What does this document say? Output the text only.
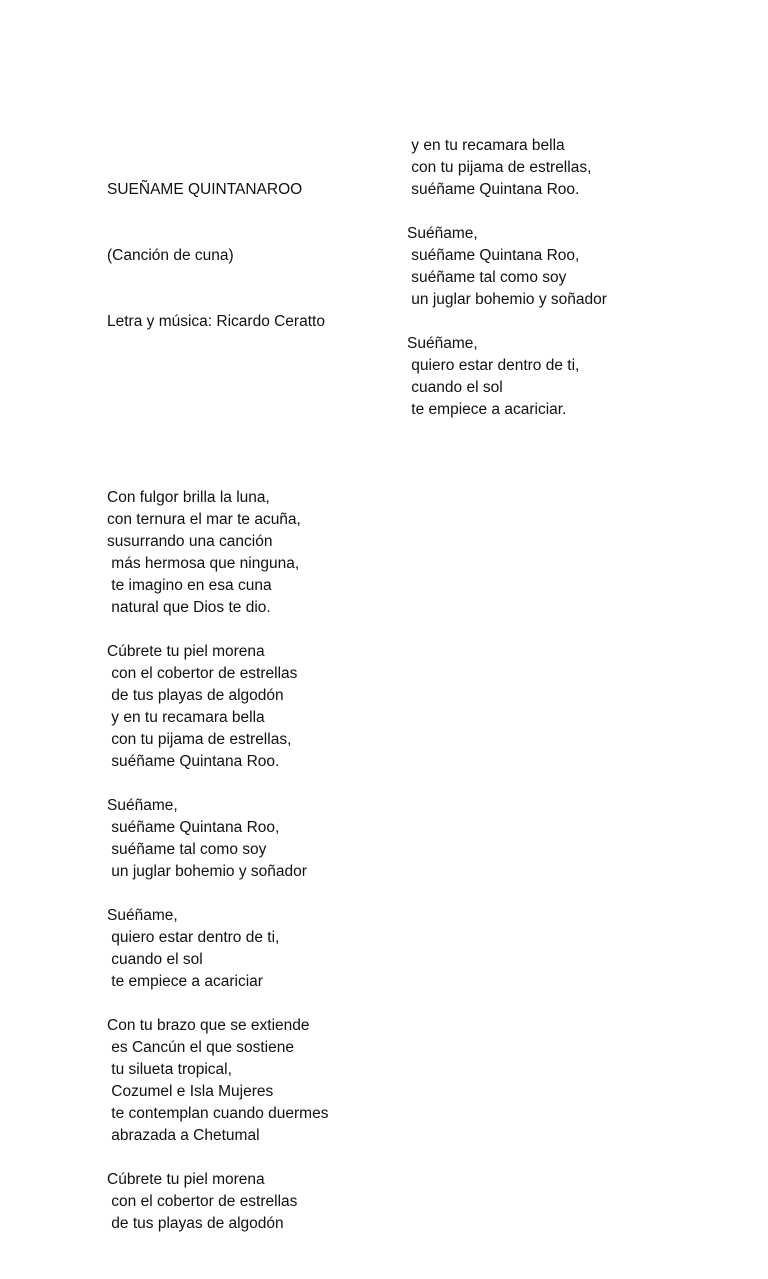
SUEÑAME QUINTANAROO

(Canción de cuna)

Letra y música: Ricardo Ceratto

Con fulgor brilla la luna,
con ternura el mar te acuña,
susurrando una canción
más hermosa que ninguna,
te imagino en esa cuna
natural que Dios te dio.
Cúbrete tu piel morena
con el cobertor de estrellas
de tus playas de algodón
y en tu recamara bella
con tu pijama de estrellas,
suéñame Quintana Roo.
Suéñame,
suéñame Quintana Roo,
suéñame tal como soy
un juglar bohemio y soñador
Suéñame,
quiero estar dentro de ti,
cuando el sol
te empiece a acariciar
Con tu brazo que se extiende
es Cancún el que sostiene
tu silueta tropical,
Cozumel e Isla Mujeres
te contemplan cuando duermes
abrazada a Chetumal
Cúbrete tu piel morena
con el cobertor de estrellas
de tus playas de algodón

y en tu recamara bella
con tu pijama de estrellas,
suéñame Quintana Roo.
Suéñame,
suéñame Quintana Roo,
suéñame tal como soy
un juglar bohemio y soñador
Suéñame,
quiero estar dentro de ti,
cuando el sol
te empiece a acariciar.
